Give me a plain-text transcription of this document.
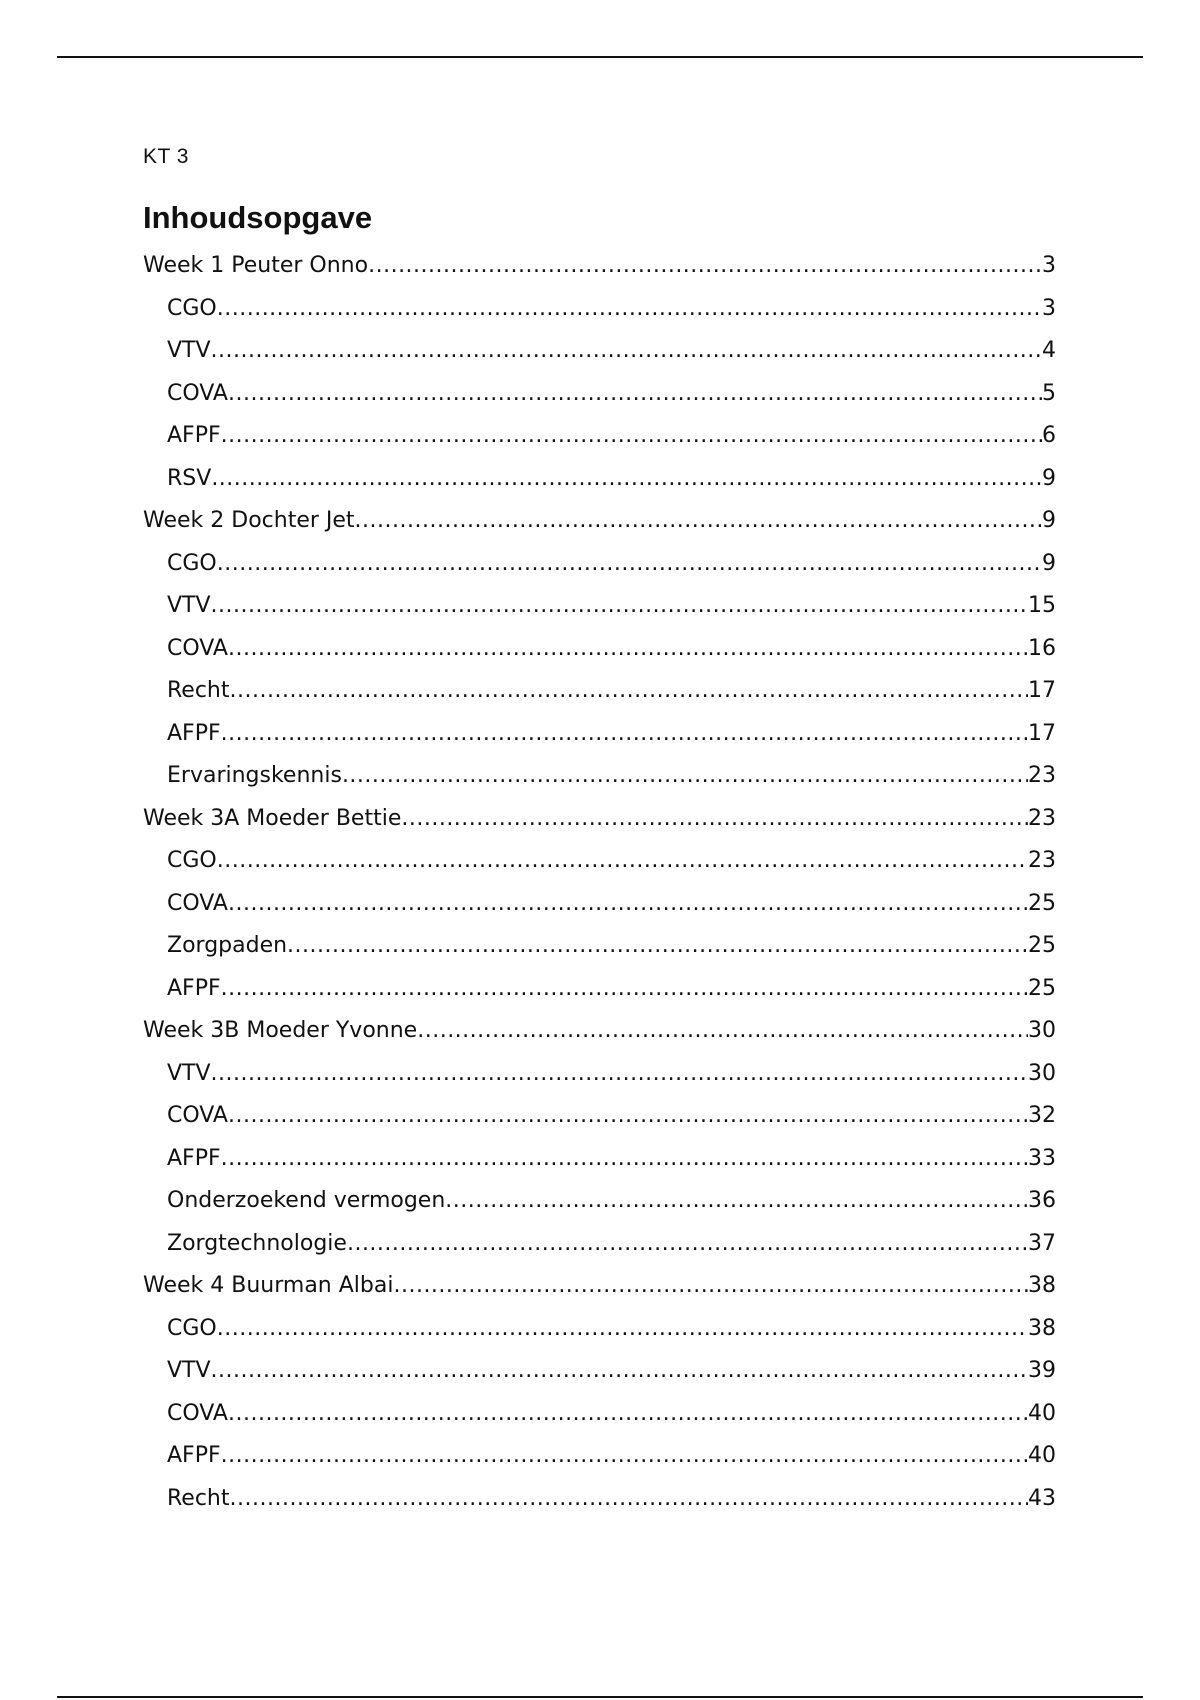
KT 3
Inhoudsopgave
Week 1 Peuter Onno .....	3
CGO .....	3
VTV .....	4
COVA .....	5
AFPF .....	6
RSV .....	9
Week 2 Dochter Jet .....	9
CGO .....	9
VTV .....	15
COVA .....	16
Recht .....	17
AFPF .....	17
Ervaringskennis .....	23
Week 3A Moeder Bettie .....	23
CGO .....	23
COVA .....	25
Zorgpaden .....	25
AFPF .....	25
Week 3B Moeder Yvonne .....	30
VTV .....	30
COVA .....	32
AFPF .....	33
Onderzoekend vermogen .....	36
Zorgtechnologie .....	37
Week 4 Buurman Albai .....	38
CGO .....	38
VTV .....	39
COVA .....	40
AFPF .....	40
Recht .....	43
